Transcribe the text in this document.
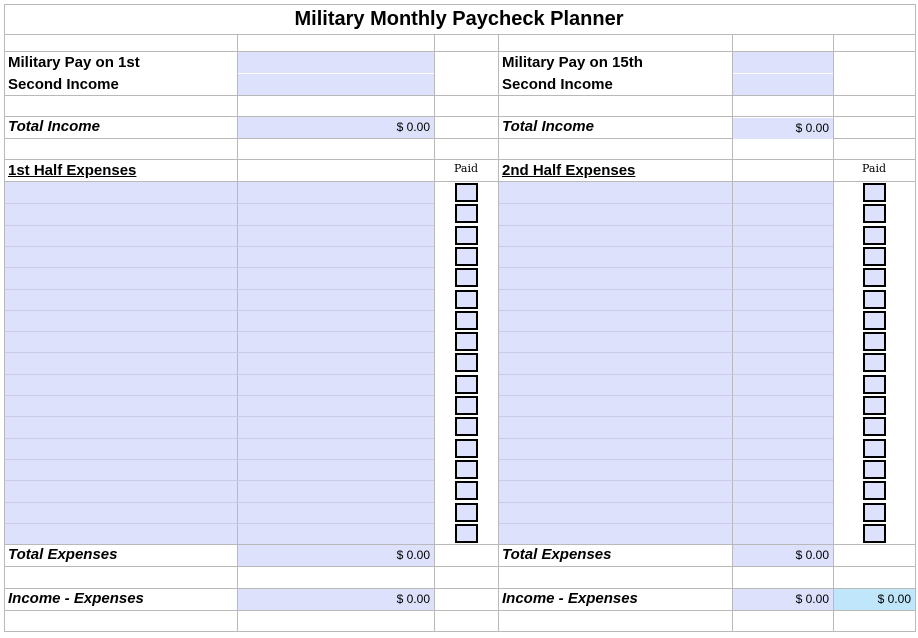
Military Monthly Paycheck Planner
Military Pay on 1st
Second Income
Total Income	$ 0.00
1st Half Expenses	Paid
Total Expenses	$ 0.00
Income - Expenses	$ 0.00
Military Pay on 15th
Second Income
Total Income	$ 0.00
2nd Half Expenses	Paid
Total Expenses	$ 0.00
Income - Expenses	$ 0.00	$ 0.00
